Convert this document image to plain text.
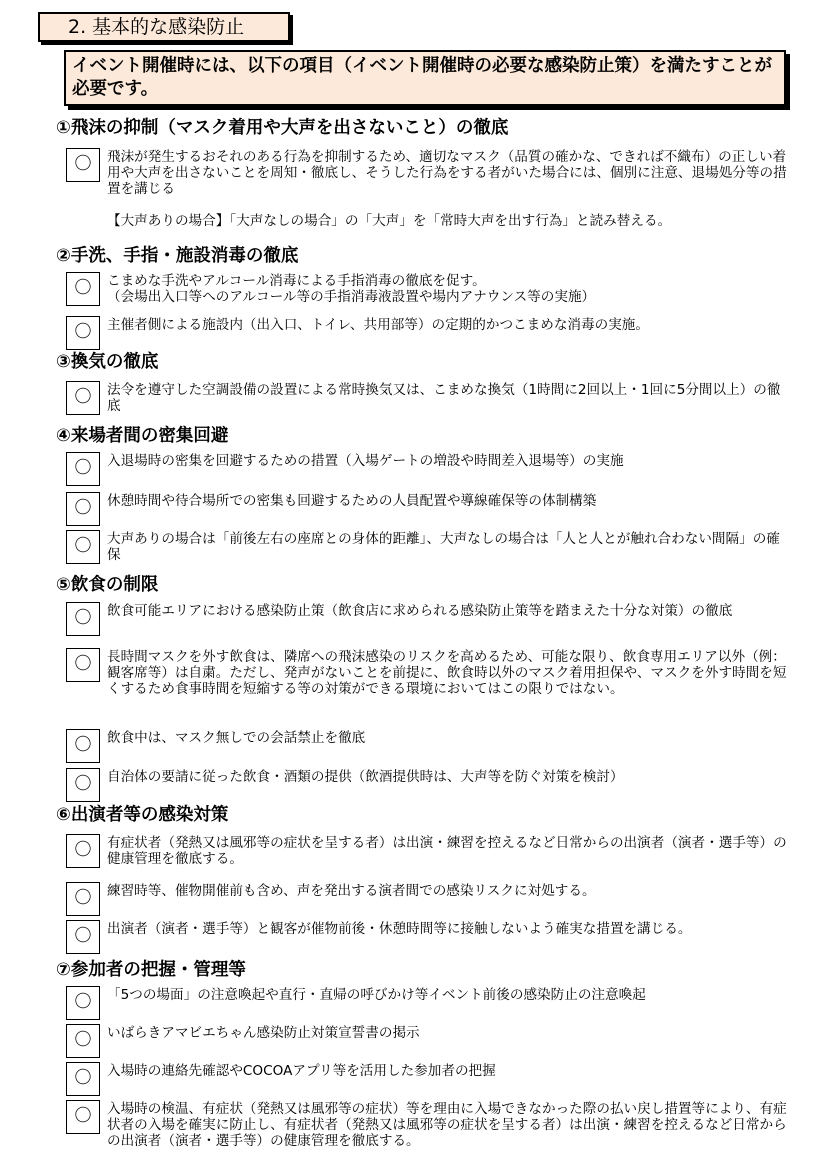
2. 基本的な感染防止
イベント開催時には、以下の項目（イベント開催時の必要な感染防止策）を満たすことが必要です。
①飛沫の抑制（マスク着用や大声を出さないこと）の徹底
〇	飛沫が発生するおそれのある行為を抑制するため、適切なマスク（品質の確かな、できれば不織布）の正しい着用や大声を出さないことを周知・徹底し、そうした行為をする者がいた場合には、個別に注意、退場処分等の措置を講じる
【大声ありの場合】「大声なしの場合」の「大声」を「常時大声を出す行為」と読み替える。
②手洗、手指・施設消毒の徹底
〇	こまめな手洗やアルコール消毒による手指消毒の徹底を促す。
（会場出入口等へのアルコール等の手指消毒液設置や場内アナウンス等の実施）
〇	主催者側による施設内（出入口、トイレ、共用部等）の定期的かつこまめな消毒の実施。
③換気の徹底
〇	法令を遵守した空調設備の設置による常時換気又は、こまめな換気（1時間に2回以上・1回に5分間以上）の徹底
④来場者間の密集回避
〇	入退場時の密集を回避するための措置（入場ゲートの増設や時間差入退場等）の実施
〇	休憩時間や待合場所での密集も回避するための人員配置や導線確保等の体制構築
〇	大声ありの場合は「前後左右の座席との身体的距離」、大声なしの場合は「人と人とが触れ合わない間隔」の確保
⑤飲食の制限
〇	飲食可能エリアにおける感染防止策（飲食店に求められる感染防止策等を踏まえた十分な対策）の徹底
〇	長時間マスクを外す飲食は、隣席への飛沫感染のリスクを高めるため、可能な限り、飲食専用エリア以外（例：観客席等）は自粛。ただし、発声がないことを前提に、飲食時以外のマスク着用担保や、マスクを外す時間を短くするため食事時間を短縮する等の対策ができる環境においてはこの限りではない。
〇	飲食中は、マスク無しでの会話禁止を徹底
〇	自治体の要請に従った飲食・酒類の提供（飲酒提供時は、大声等を防ぐ対策を検討）
⑥出演者等の感染対策
〇	有症状者（発熱又は風邪等の症状を呈する者）は出演・練習を控えるなど日常からの出演者（演者・選手等）の健康管理を徹底する。
〇	練習時等、催物開催前も含め、声を発出する演者間での感染リスクに対処する。
〇	出演者（演者・選手等）と観客が催物前後・休憩時間等に接触しないよう確実な措置を講じる。
⑦参加者の把握・管理等
〇	「5つの場面」の注意喚起や直行・直帰の呼びかけ等イベント前後の感染防止の注意喚起
〇	いばらきアマビエちゃん感染防止対策宣誓書の掲示
〇	入場時の連絡先確認やCOCOAアプリ等を活用した参加者の把握
〇	入場時の検温、有症状（発熱又は風邪等の症状）等を理由に入場できなかった際の払い戻し措置等により、有症状者の入場を確実に防止し、有症状者（発熱又は風邪等の症状を呈する者）は出演・練習を控えるなど日常からの出演者（演者・選手等）の健康管理を徹底する。
